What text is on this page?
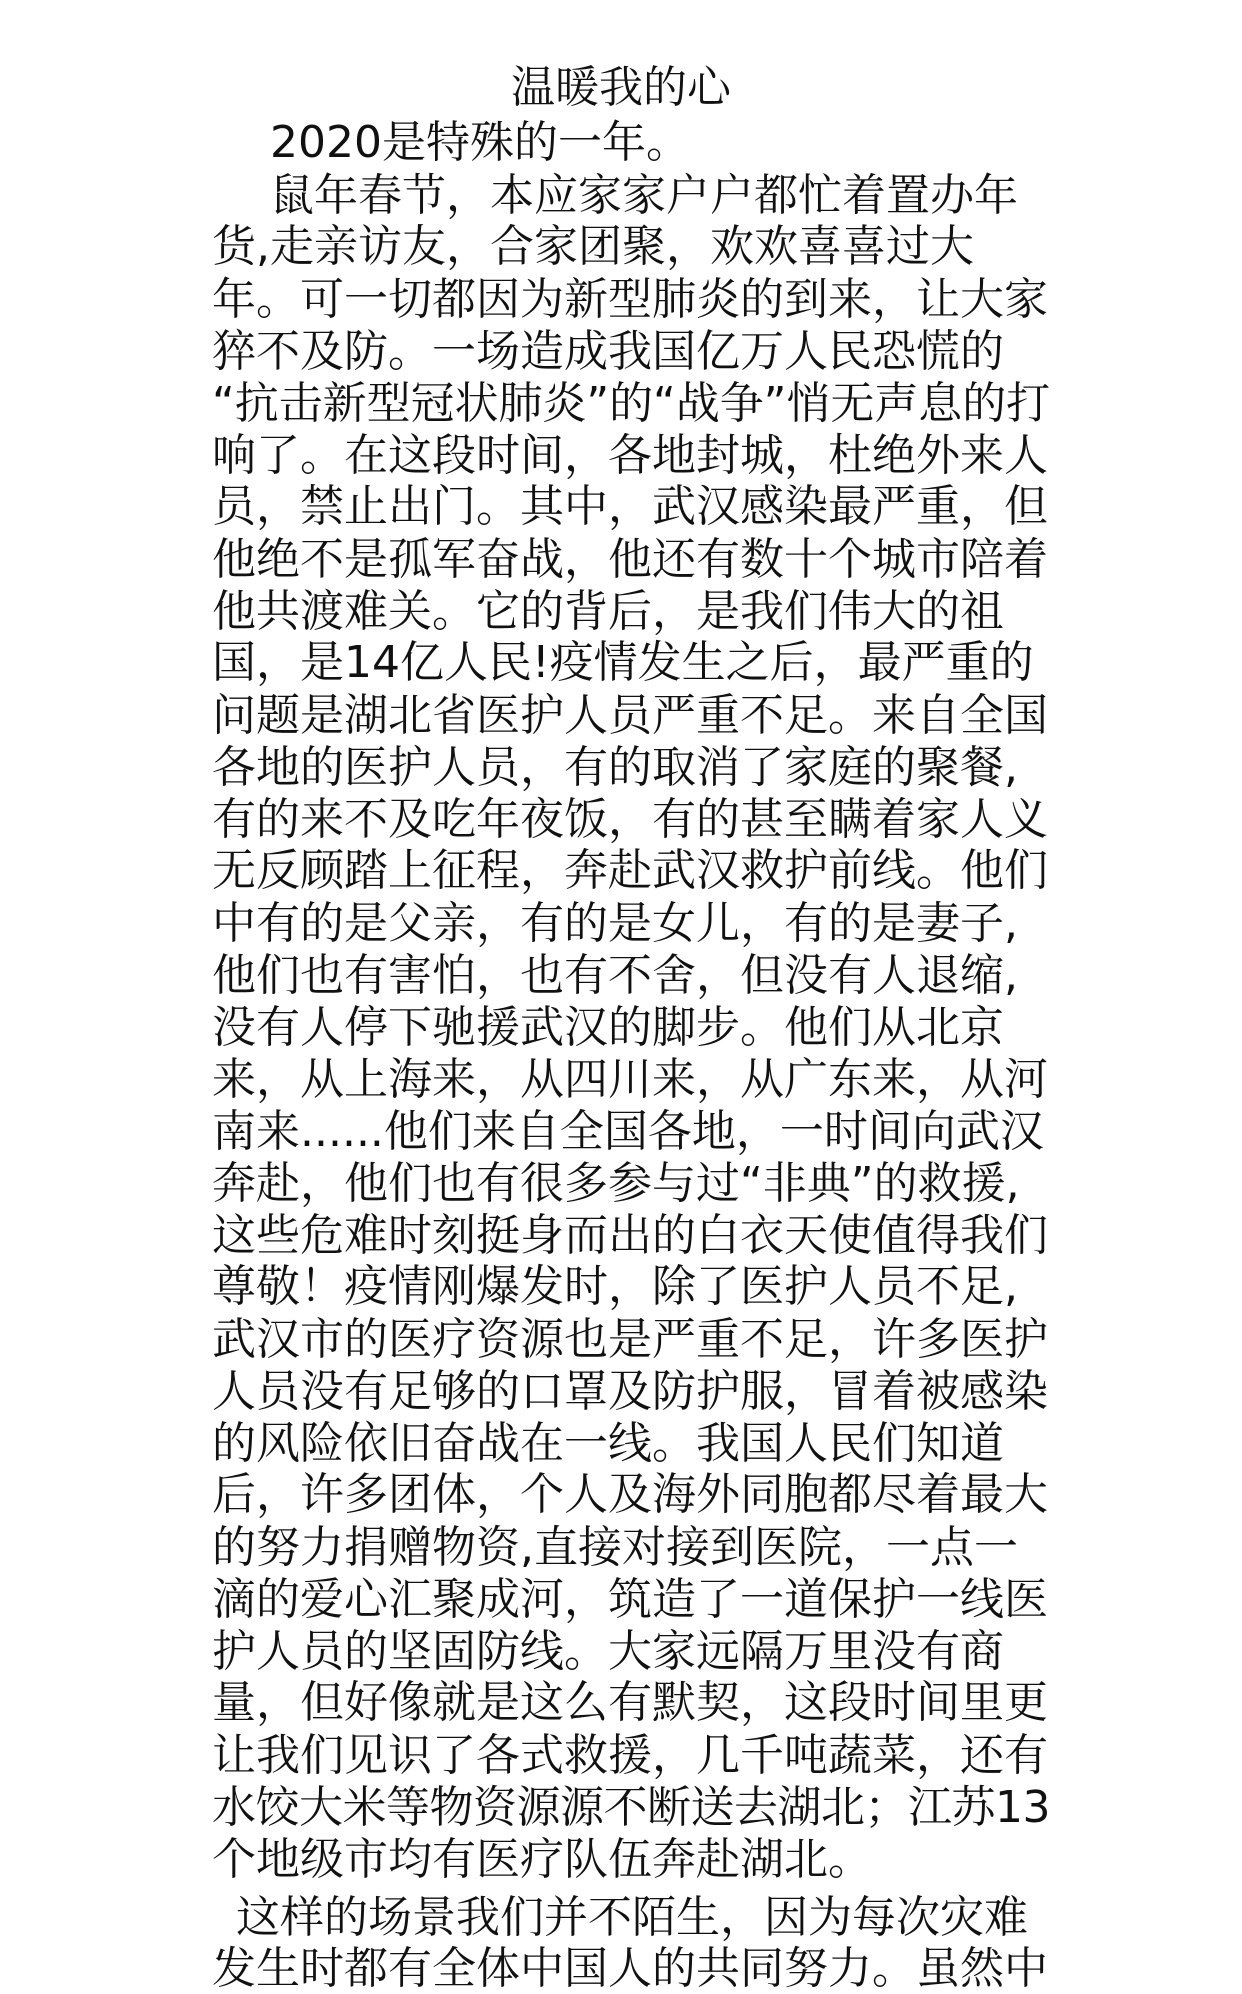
温暖我的心

2020是特殊的一年。

鼠年春节，本应家家户户都忙着置办年

货,走亲访友，合家团聚，欢欢喜喜过大

年。可一切都因为新型肺炎的到来，让大家

猝不及防。一场造成我国亿万人民恐慌的

“抗击新型冠状肺炎”的“战争”悄无声息的打

响了。在这段时间，各地封城，杜绝外来人

员，禁止出门。其中，武汉感染最严重，但

他绝不是孤军奋战，他还有数十个城市陪着

他共渡难关。它的背后，是我们伟大的祖

国，是14亿人民!疫情发生之后，最严重的

问题是湖北省医护人员严重不足。来自全国

各地的医护人员，有的取消了家庭的聚餐,

有的来不及吃年夜饭，有的甚至瞒着家人义

无反顾踏上征程，奔赴武汉救护前线。他们

中有的是父亲，有的是女儿，有的是妻子,

他们也有害怕，也有不舍，但没有人退缩,

没有人停下驰援武汉的脚步。他们从北京

来，从上海来，从四川来，从广东来，从河

南来......他们来自全国各地，一时间向武汉

奔赴，他们也有很多参与过“非典”的救援,

这些危难时刻挺身而出的白衣天使值得我们

尊敬！疫情刚爆发时，除了医护人员不足,

武汉市的医疗资源也是严重不足，许多医护

人员没有足够的口罩及防护服，冒着被感染

的风险依旧奋战在一线。我国人民们知道

后，许多团体，个人及海外同胞都尽着最大

的努力捐赠物资,直接对接到医院，一点一

滴的爱心汇聚成河，筑造了一道保护一线医

护人员的坚固防线。大家远隔万里没有商

量，但好像就是这么有默契，这段时间里更

让我们见识了各式救援，几千吨蔬菜，还有

水饺大米等物资源源不断送去湖北；江苏13

个地级市均有医疗队伍奔赴湖北。

这样的场景我们并不陌生，因为每次灾难

发生时都有全体中国人的共同努力。虽然中
